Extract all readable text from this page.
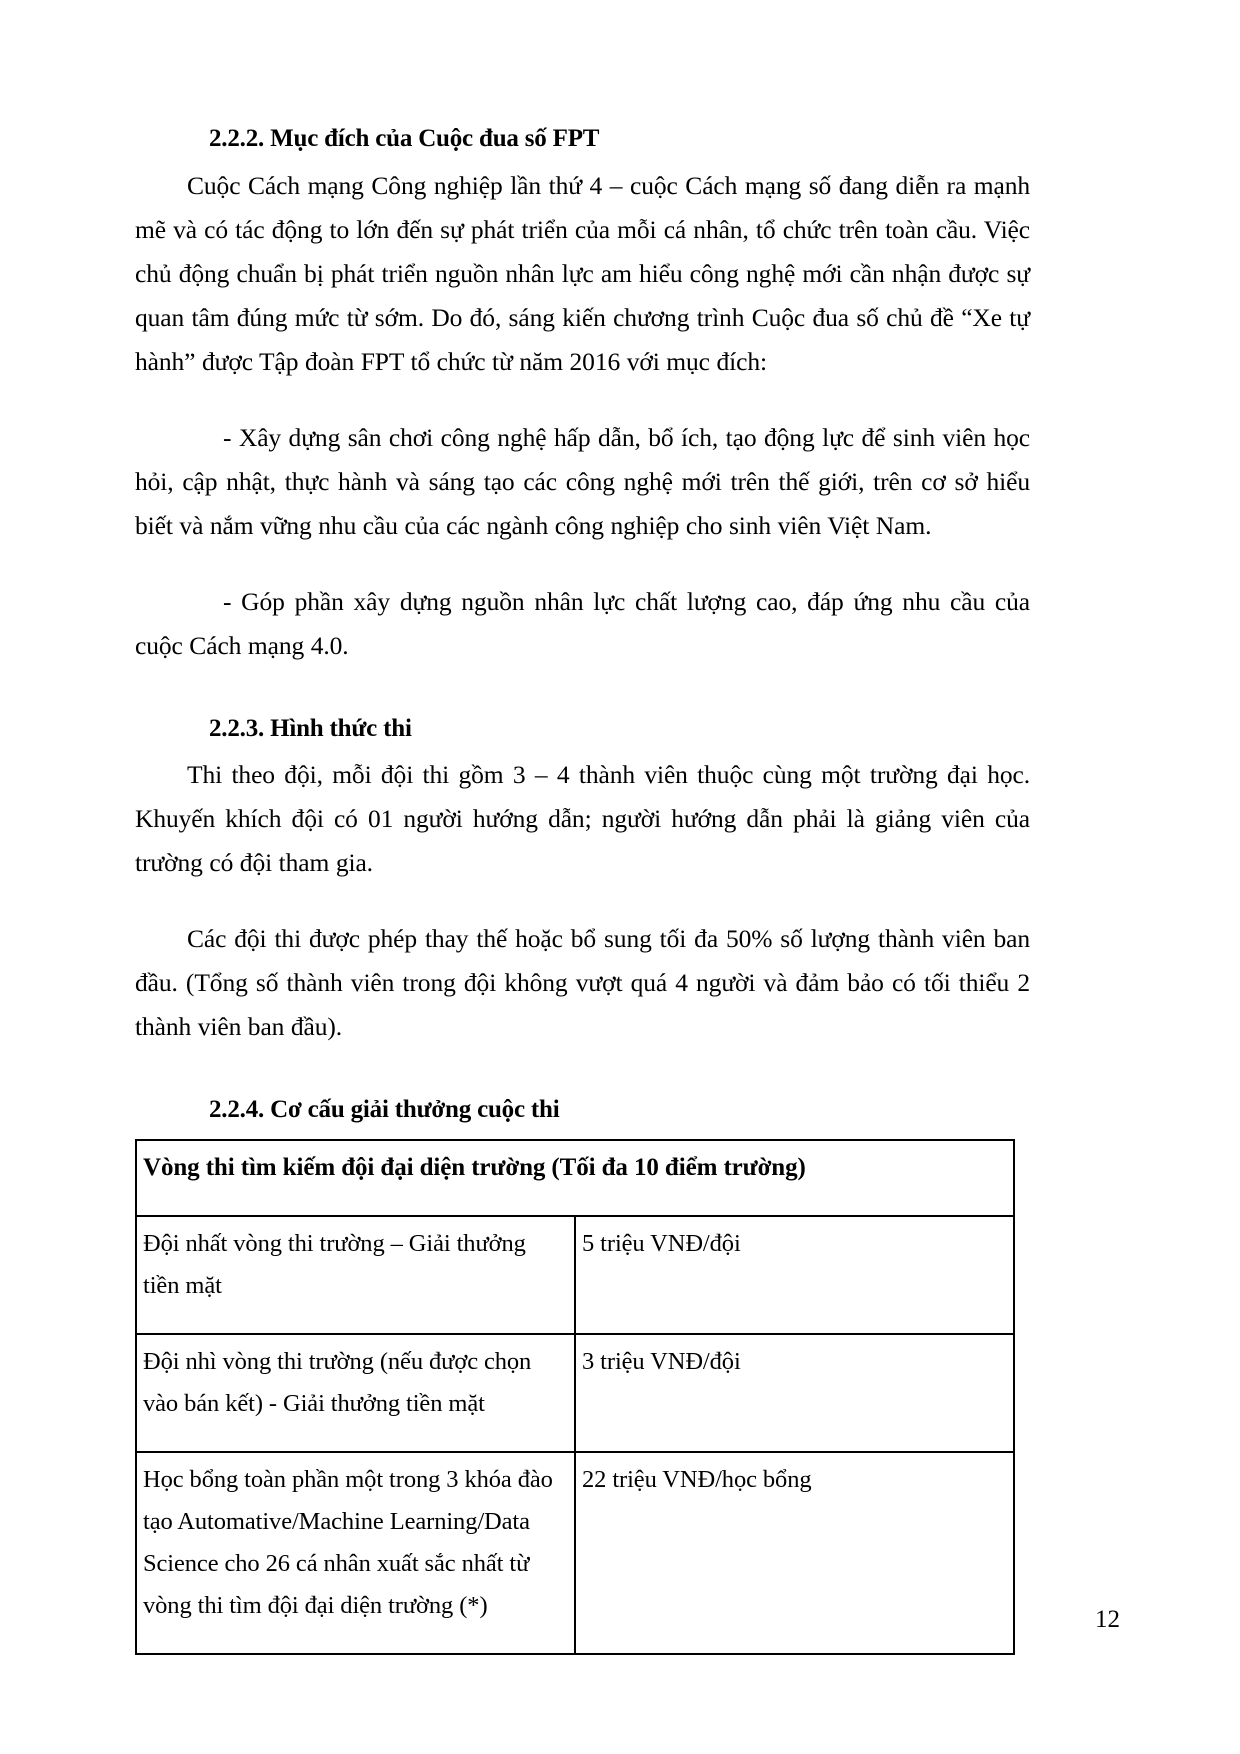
2.2.2. Mục đích của Cuộc đua số FPT

Cuộc Cách mạng Công nghiệp lần thứ 4 – cuộc Cách mạng số đang diễn ra mạnh mẽ và có tác động to lớn đến sự phát triển của mỗi cá nhân, tổ chức trên toàn cầu. Việc chủ động chuẩn bị phát triển nguồn nhân lực am hiểu công nghệ mới cần nhận được sự quan tâm đúng mức từ sớm. Do đó, sáng kiến chương trình Cuộc đua số chủ đề “Xe tự hành” được Tập đoàn FPT tổ chức từ năm 2016 với mục đích:

- Xây dựng sân chơi công nghệ hấp dẫn, bổ ích, tạo động lực để sinh viên học hỏi, cập nhật, thực hành và sáng tạo các công nghệ mới trên thế giới, trên cơ sở hiểu biết và nắm vững nhu cầu của các ngành công nghiệp cho sinh viên Việt Nam.

- Góp phần xây dựng nguồn nhân lực chất lượng cao, đáp ứng nhu cầu của cuộc Cách mạng 4.0.

2.2.3. Hình thức thi

Thi theo đội, mỗi đội thi gồm 3 – 4 thành viên thuộc cùng một trường đại học. Khuyến khích đội có 01 người hướng dẫn; người hướng dẫn phải là giảng viên của trường có đội tham gia.

Các đội thi được phép thay thế hoặc bổ sung tối đa 50% số lượng thành viên ban đầu. (Tổng số thành viên trong đội không vượt quá 4 người và đảm bảo có tối thiểu 2 thành viên ban đầu).

2.2.4. Cơ cấu giải thưởng cuộc thi
Vòng thi tìm kiếm đội đại diện trường (Tối đa 10 điểm trường)	
Đội nhất vòng thi trường – Giải thưởng tiền mặt	5 triệu VNĐ/đội
Đội nhì vòng thi trường (nếu được chọn vào bán kết) - Giải thưởng tiền mặt	3 triệu VNĐ/đội
Học bổng toàn phần một trong 3 khóa đào tạo Automative/Machine Learning/Data Science cho 26 cá nhân xuất sắc nhất từ vòng thi tìm đội đại diện trường (*)	22 triệu VNĐ/học bổng
12
